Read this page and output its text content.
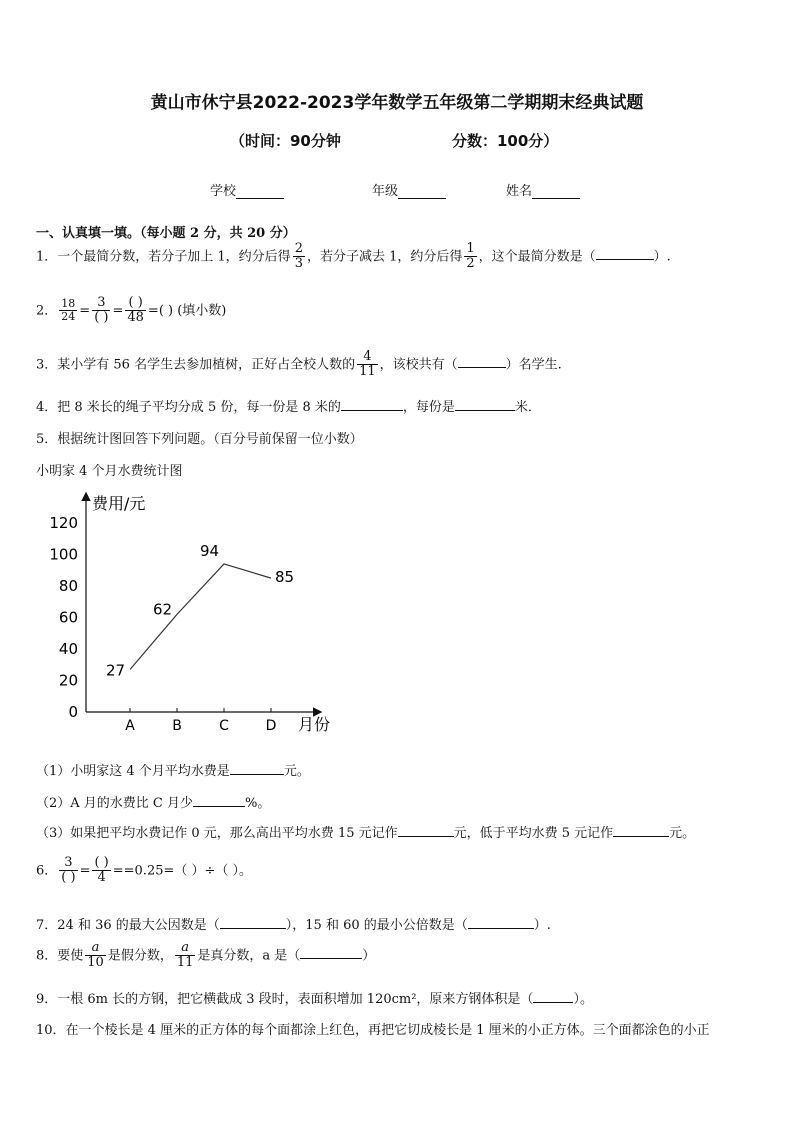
黄山市休宁县2022-2023学年数学五年级第二学期期末经典试题
（时间：90分钟	分数：100分）
学校	年级	姓名
一、认真填一填。（每小题 2 分，共 20 分）
1．一个最简分数，若分子加上 1，约分后得 $\frac{2}{3}$ ，若分子减去 1，约分后得 $\frac{1}{2}$ ，这个最简分数是（	）.
2． $\frac{18}{24} = \frac{3}{( )} = \frac{( )}{48}$ =( ) (填小数)
3．某小学有 56 名学生去参加植树，正好占全校人数的 $\frac{4}{11}$ ，该校共有（	）名学生.
4．把 8 米长的绳子平均分成 5 份，每一份是 8 米的	，每份是	米．
5．根据统计图回答下列问题。（百分号前保留一位小数）
小明家 4 个月水费统计图
费用/元
月份
0
20
40
60
80
100
120
A	B	C	D
27
62
94
85
（1）小明家这 4 个月平均水费是	元。
（2）A 月的水费比 C 月少	%。
（3）如果把平均水费记作 0 元，那么高出平均水费 15 元记作	元，低于平均水费 5 元记作	元。
6． $\frac{3}{( )} = \frac{( )}{4} ==0.25=$（ ）÷（ ）。
7．24 和 36 的最大公因数是（	），15 和 60 的最小公倍数是（	）.
8．要使 $\frac{a}{10}$ 是假分数， $\frac{a}{11}$ 是真分数，a 是（	）
9．一根 6m 长的方钢，把它横截成 3 段时，表面积增加 120cm²，原来方钢体积是（	）。
10．在一个棱长是 4 厘米的正方体的每个面都涂上红色，再把它切成棱长是 1 厘米的小正方体。三个面都涂色的小正
